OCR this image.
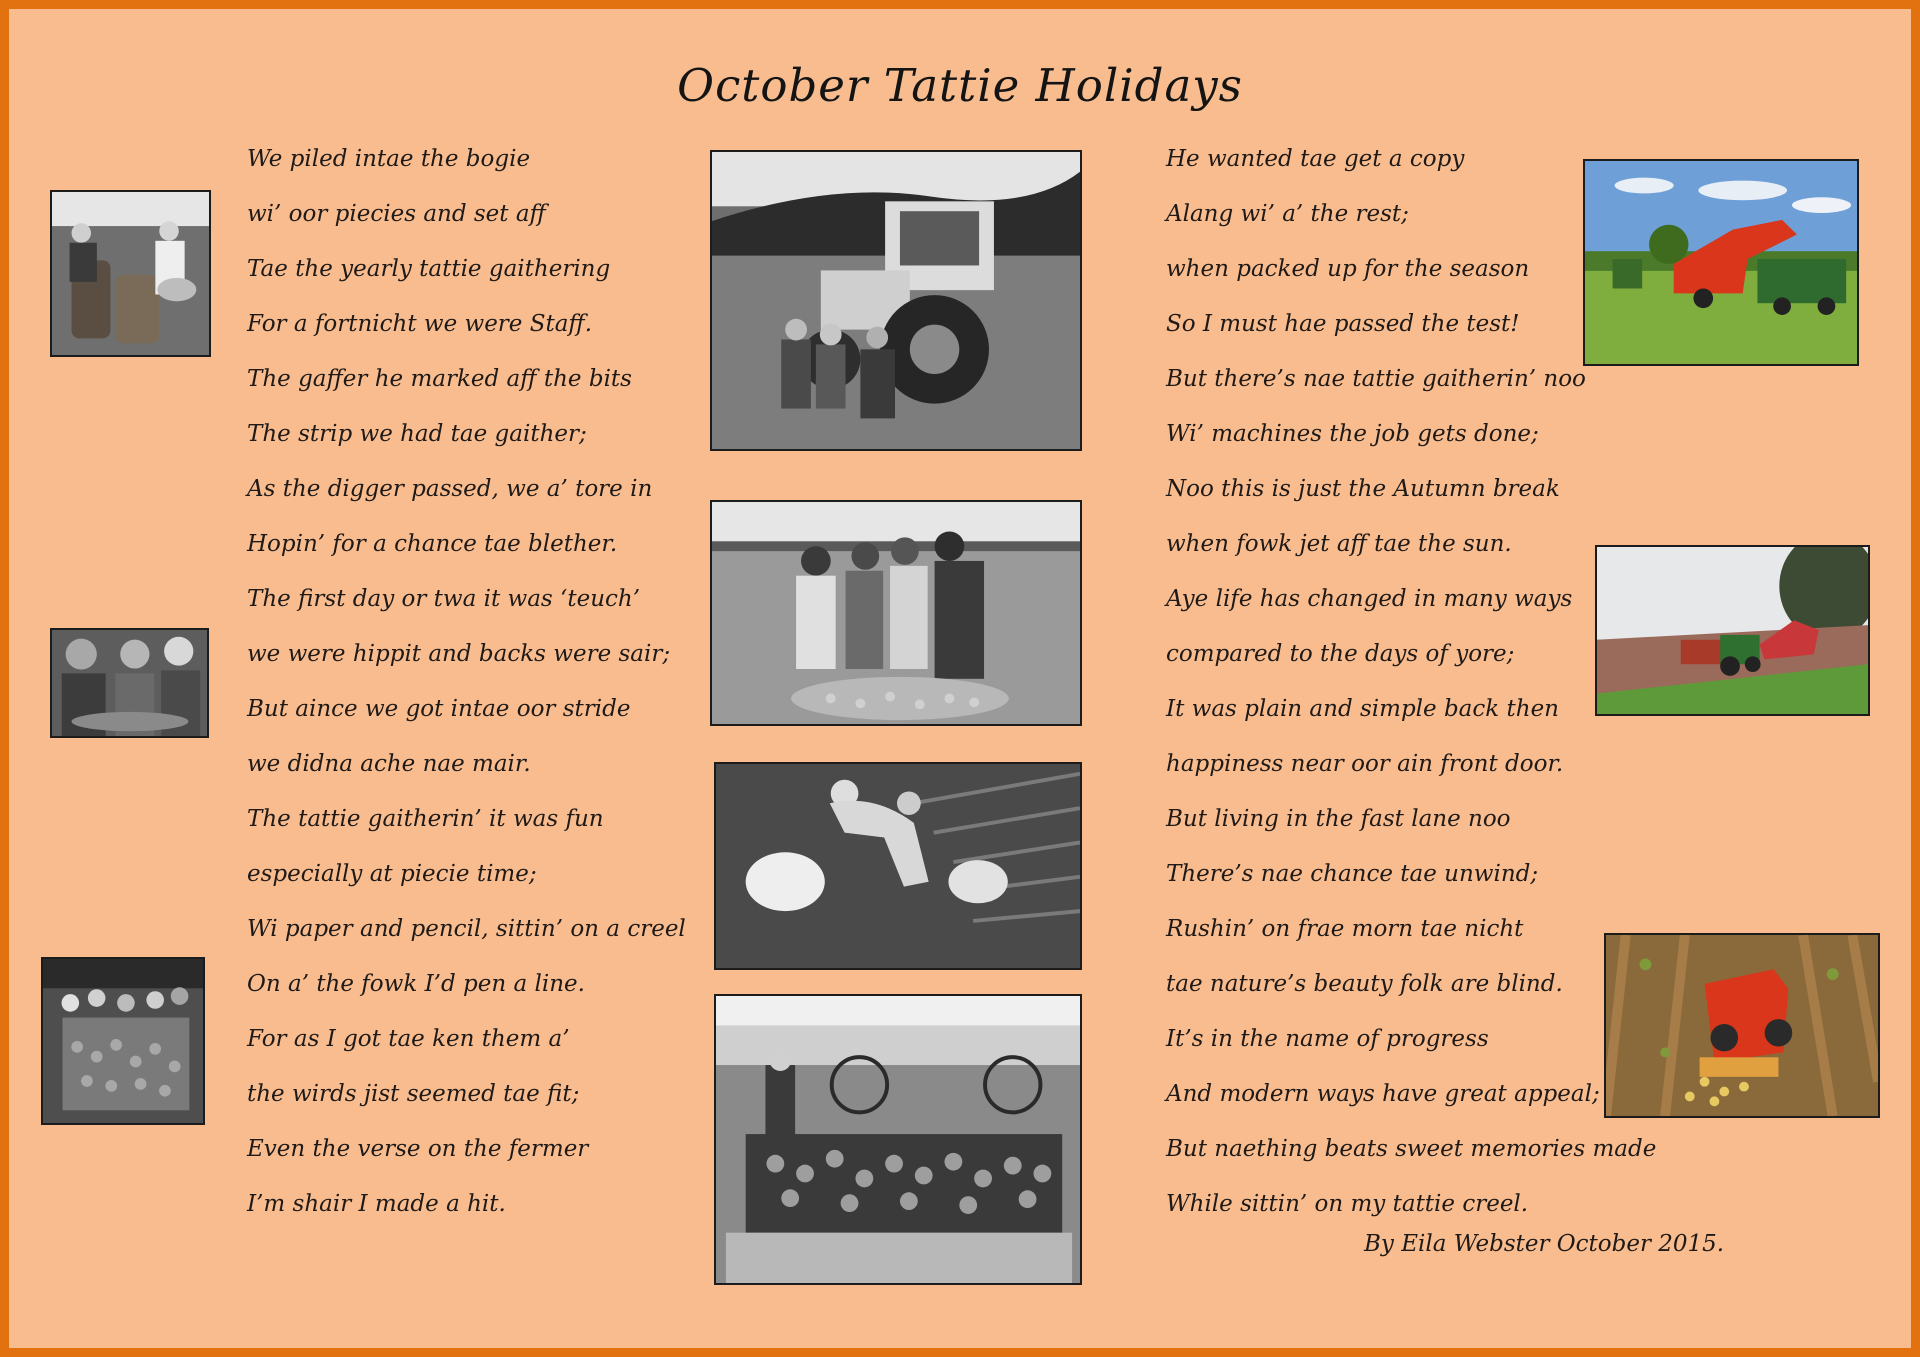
October Tattie Holidays
We piled intae the bogie
wi’ oor piecies and set aff
Tae the yearly tattie gaithering
For a fortnicht we were Staff.
The gaffer he marked aff the bits
The strip we had tae gaither;
As the digger passed, we a’ tore in
Hopin’ for a chance tae blether.
The first day or twa it was ‘teuch’
we were hippit and backs were sair;
But aince we got intae oor stride
we didna ache nae mair.
The tattie gaitherin’ it was fun
especially at piecie time;
Wi paper and pencil, sittin’ on a creel
On a’ the fowk I’d pen a line.
For as I got tae ken them a’
the wirds jist seemed tae fit;
Even the verse on the fermer
I’m shair I made a hit.
He wanted tae get a copy
Alang wi’ a’ the rest;
when packed up for the season
So I must hae passed the test!
But there’s nae tattie gaitherin’ noo
Wi’ machines the job gets done;
Noo this is just the Autumn break
when fowk jet aff tae the sun.
Aye life has changed in many ways
compared to the days of yore;
It was plain and simple back then
happiness near oor ain front door.
But living in the fast lane noo
There’s nae chance tae unwind;
Rushin’ on frae morn tae nicht
tae nature’s beauty folk are blind.
It’s in the name of progress
And modern ways have great appeal;
But naething beats sweet memories made
While sittin’ on my tattie creel.
By Eila Webster October 2015.
